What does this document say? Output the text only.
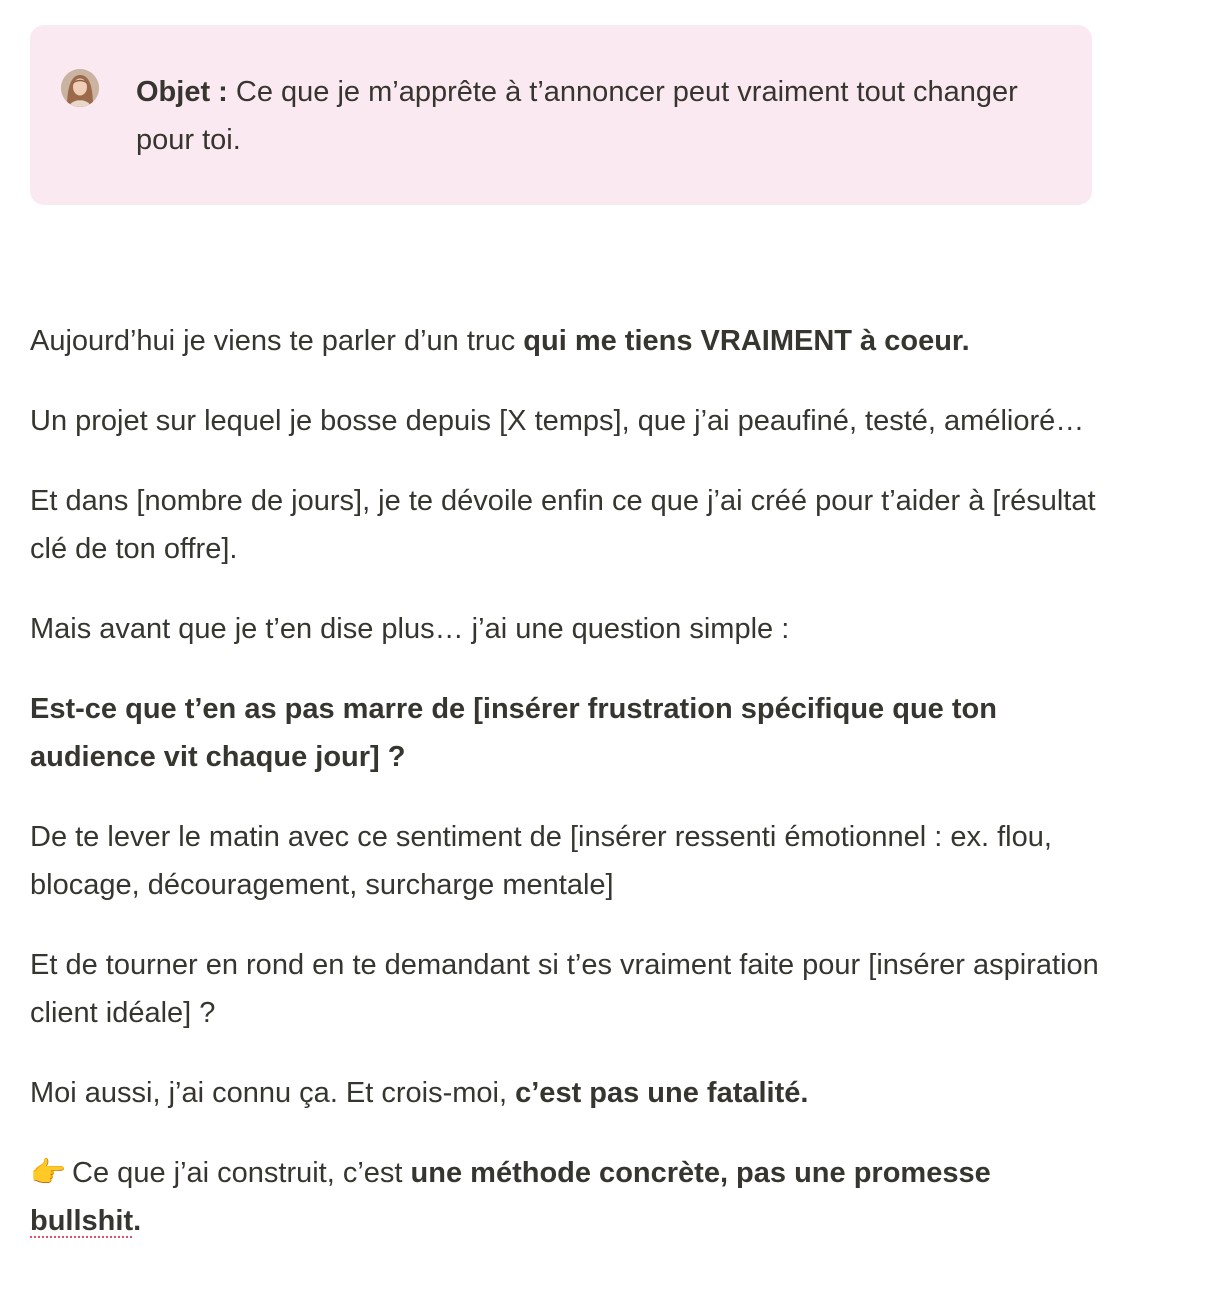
Objet : Ce que je m’apprête à t’annoncer peut vraiment tout changer pour toi.

Aujourd’hui je viens te parler d’un truc qui me tiens VRAIMENT à coeur.

Un projet sur lequel je bosse depuis [X temps], que j’ai peaufiné, testé, amélioré…

Et dans [nombre de jours], je te dévoile enfin ce que j’ai créé pour t’aider à [résultat clé de ton offre].

Mais avant que je t’en dise plus… j’ai une question simple :

Est-ce que t’en as pas marre de [insérer frustration spécifique que ton audience vit chaque jour] ?

De te lever le matin avec ce sentiment de [insérer ressenti émotionnel : ex. flou, blocage, découragement, surcharge mentale]

Et de tourner en rond en te demandant si t’es vraiment faite pour [insérer aspiration client idéale] ?

Moi aussi, j’ai connu ça. Et crois-moi, c’est pas une fatalité.

👉 Ce que j’ai construit, c’est une méthode concrète, pas une promesse bullshit.
